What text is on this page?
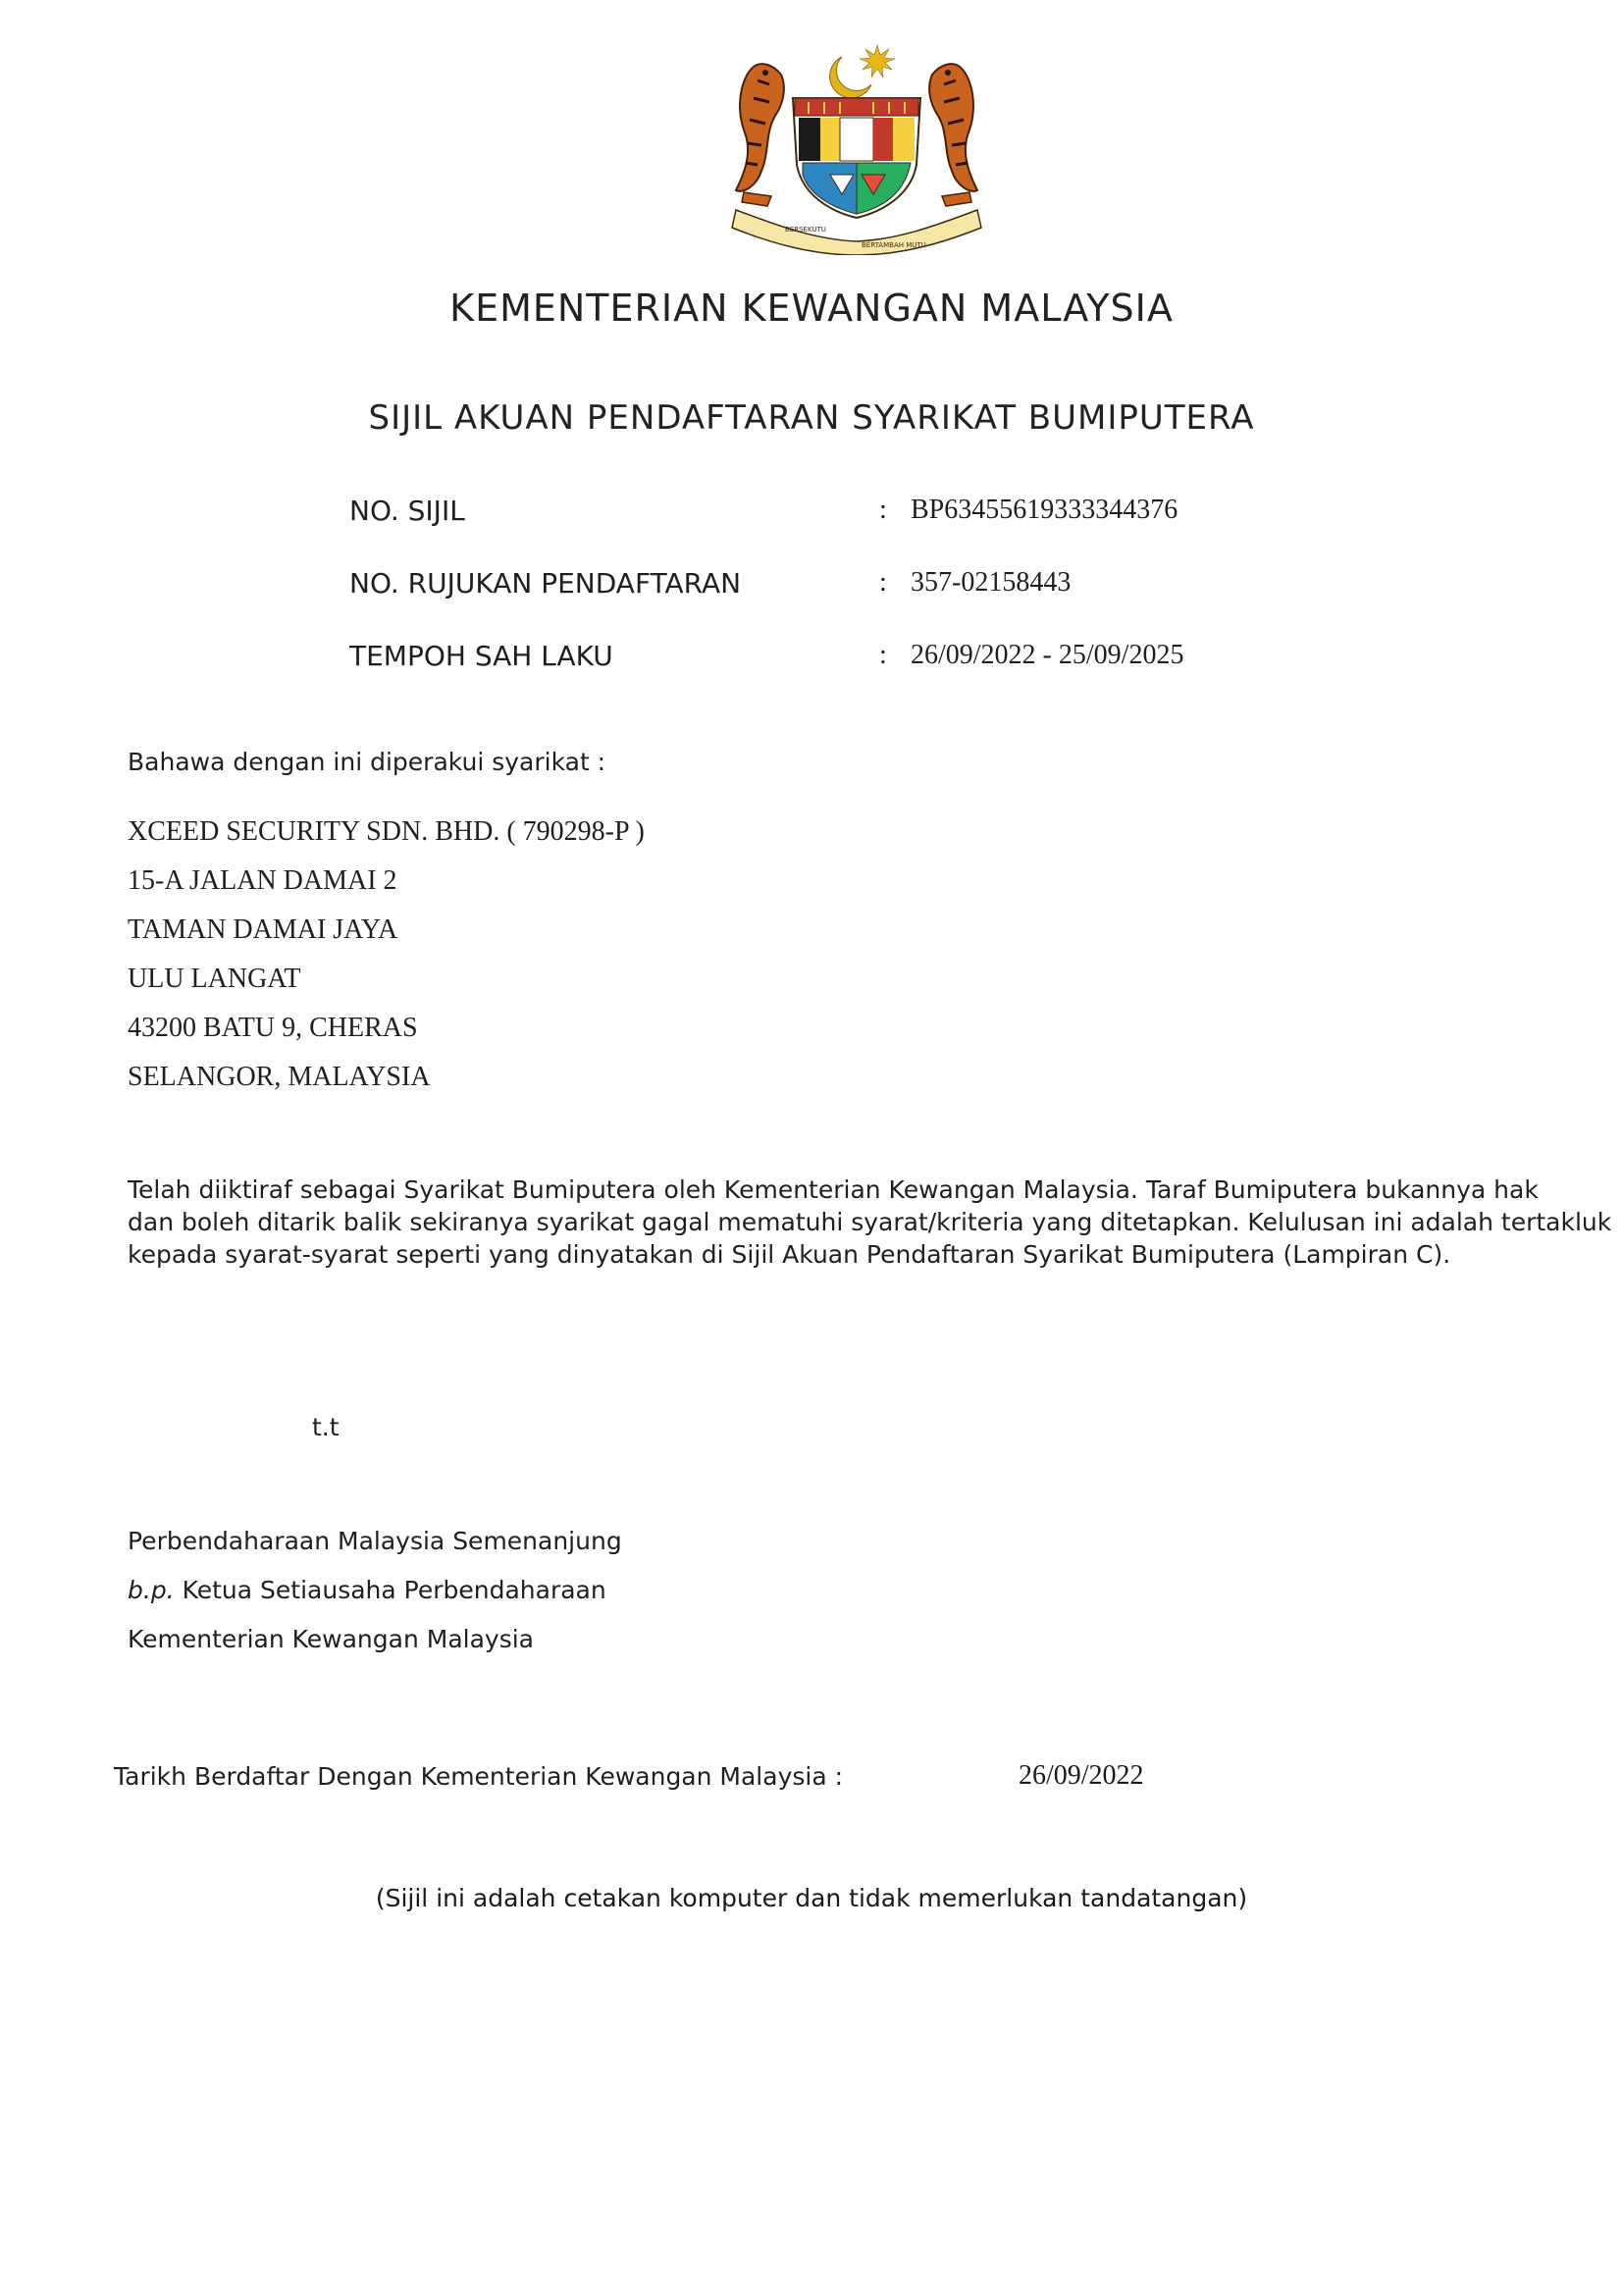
BERSEKUTU
BERTAMBAH MUTU
KEMENTERIAN KEWANGAN MALAYSIA
SIJIL AKUAN PENDAFTARAN SYARIKAT BUMIPUTERA
NO. SIJIL	: BP63455619333344376
NO. RUJUKAN PENDAFTARAN	: 357-02158443
TEMPOH SAH LAKU	: 26/09/2022 - 25/09/2025
Bahawa dengan ini diperakui syarikat :
XCEED SECURITY SDN. BHD. ( 790298-P )
15-A JALAN DAMAI 2
TAMAN DAMAI JAYA
ULU LANGAT
43200 BATU 9, CHERAS
SELANGOR, MALAYSIA
Telah diiktiraf sebagai Syarikat Bumiputera oleh Kementerian Kewangan Malaysia. Taraf Bumiputera bukannya hak
dan boleh ditarik balik sekiranya syarikat gagal mematuhi syarat/kriteria yang ditetapkan. Kelulusan ini adalah tertakluk
kepada syarat-syarat seperti yang dinyatakan di Sijil Akuan Pendaftaran Syarikat Bumiputera (Lampiran C).
t.t
Perbendaharaan Malaysia Semenanjung
b.p. Ketua Setiausaha Perbendaharaan
Kementerian Kewangan Malaysia
Tarikh Berdaftar Dengan Kementerian Kewangan Malaysia :	26/09/2022
(Sijil ini adalah cetakan komputer dan tidak memerlukan tandatangan)
